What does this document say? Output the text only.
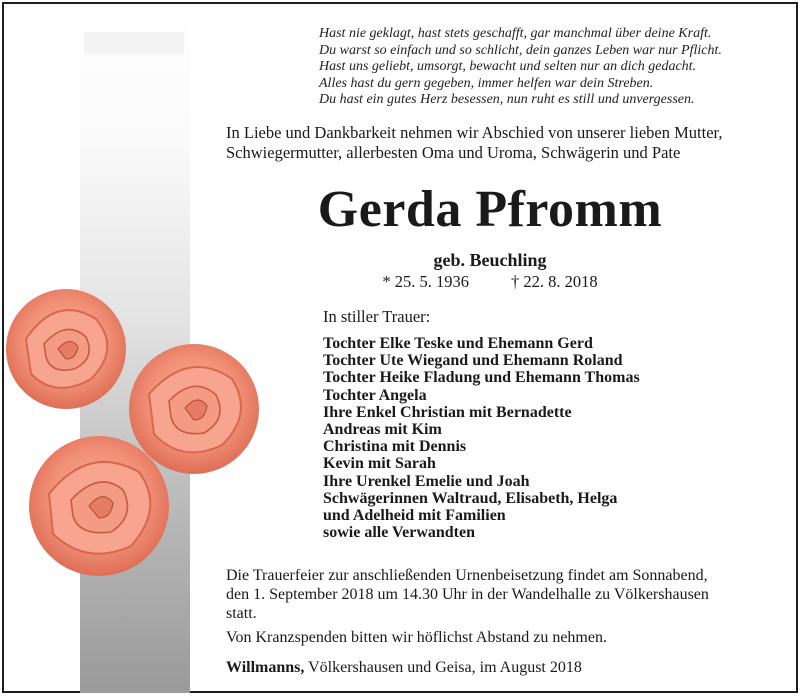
Hast nie geklagt, hast stets geschafft, gar manchmal über deine Kraft.
Du warst so einfach und so schlicht, dein ganzes Leben war nur Pflicht.
Hast uns geliebt, umsorgt, bewacht und selten nur an dich gedacht.
Alles hast du gern gegeben, immer helfen war dein Streben.
Du hast ein gutes Herz besessen, nun ruht es still und unvergessen.
In Liebe und Dankbarkeit nehmen wir Abschied von unserer lieben Mutter,
Schwiegermutter, allerbesten Oma und Uroma, Schwägerin und Pate
Gerda Pfromm
geb. Beuchling
* 25. 5. 1936	† 22. 8. 2018
In stiller Trauer:
Tochter Elke Teske und Ehemann Gerd
Tochter Ute Wiegand und Ehemann Roland
Tochter Heike Fladung und Ehemann Thomas
Tochter Angela
Ihre Enkel Christian mit Bernadette
Andreas mit Kim
Christina mit Dennis
Kevin mit Sarah
Ihre Urenkel Emelie und Joah
Schwägerinnen Waltraud, Elisabeth, Helga
und Adelheid mit Familien
sowie alle Verwandten
Die Trauerfeier zur anschließenden Urnenbeisetzung findet am Sonnabend,
den 1. September 2018 um 14.30 Uhr in der Wandelhalle zu Völkershausen
statt.
Von Kranzspenden bitten wir höflichst Abstand zu nehmen.
Willmanns, Völkershausen und Geisa, im August 2018
